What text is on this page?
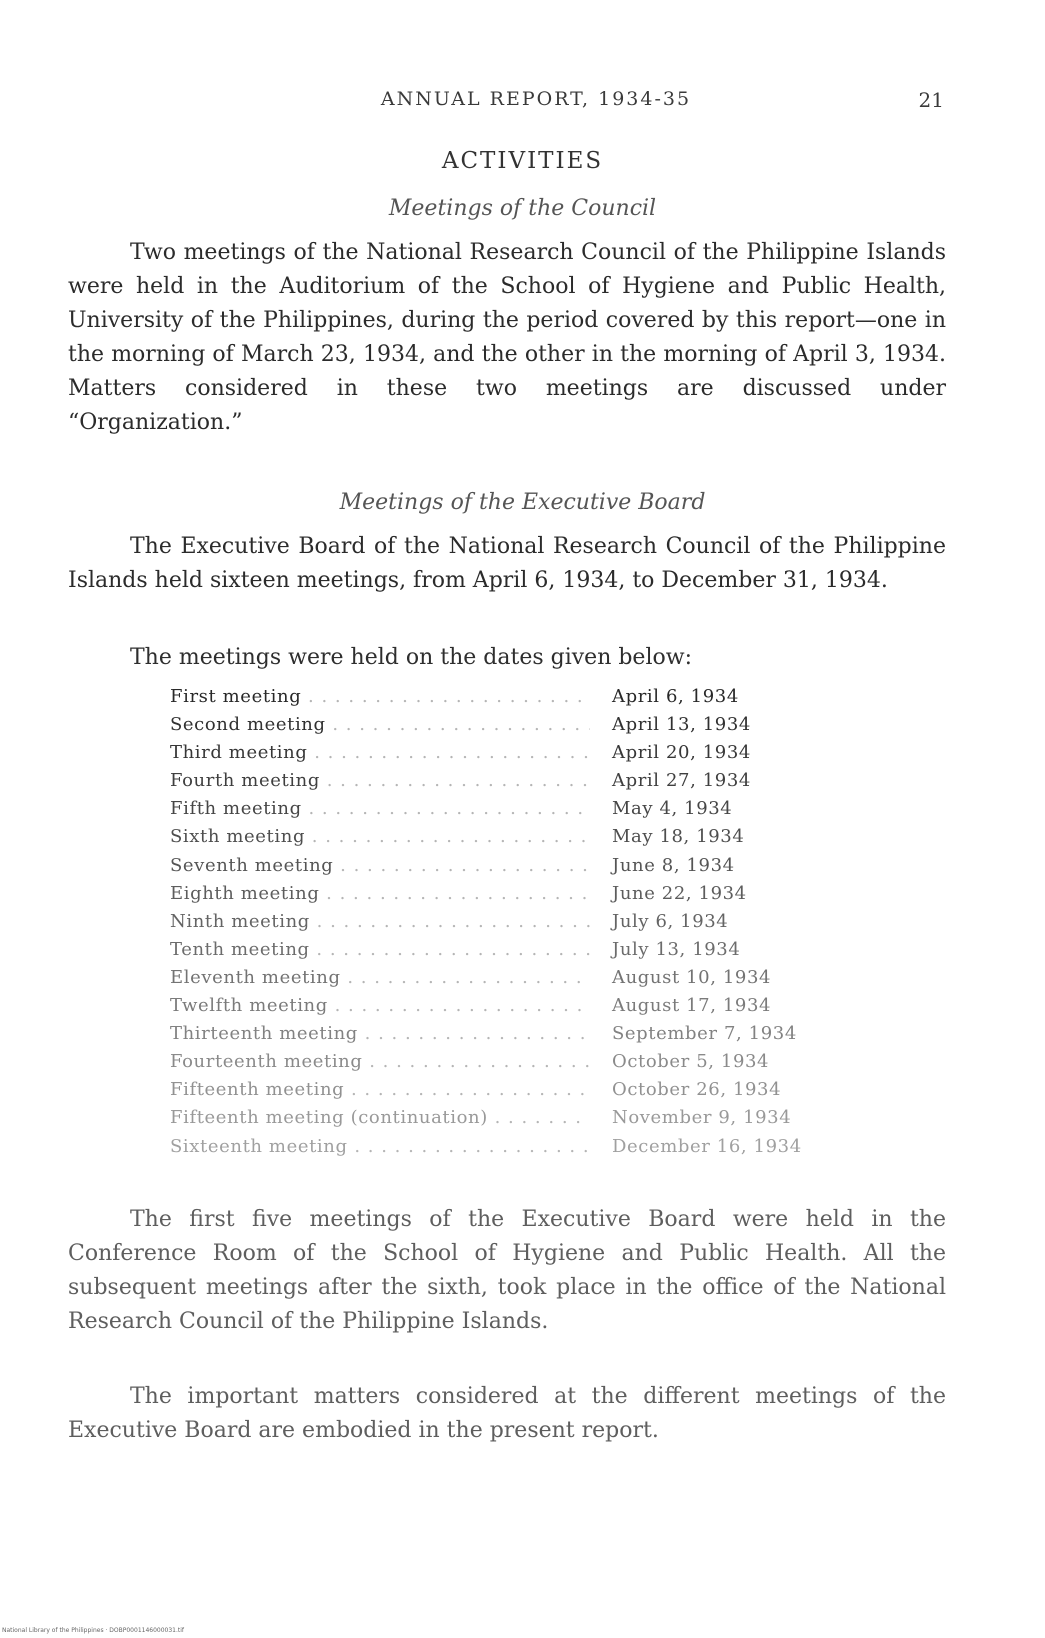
ANNUAL REPORT, 1934-35	21
ACTIVITIES
Meetings of the Council

Two meetings of the National Research Council of the Philippine Islands were held in the Auditorium of the School of Hygiene and Public Health, University of the Philippines, during the period covered by this report—one in the morning of March 23, 1934, and the other in the morning of April 3, 1934. Matters considered in these two meetings are discussed under “Organization.”

Meetings of the Executive Board

The Executive Board of the National Research Council of the Philippine Islands held sixteen meetings, from April 6, 1934, to December 31, 1934.

The meetings were held on the dates given below:
First meeting . . .	April 6, 1934
Second meeting . . .	April 13, 1934
Third meeting . . .	April 20, 1934
Fourth meeting . . .	April 27, 1934
Fifth meeting . . .	May 4, 1934
Sixth meeting . . .	May 18, 1934
Seventh meeting . . .	June 8, 1934
Eighth meeting . . .	June 22, 1934
Ninth meeting . . .	July 6, 1934
Tenth meeting . . .	July 13, 1934
Eleventh meeting . . .	August 10, 1934
Twelfth meeting . . .	August 17, 1934
Thirteenth meeting . . .	September 7, 1934
Fourteenth meeting . . .	October 5, 1934
Fifteenth meeting . . .	October 26, 1934
Fifteenth meeting (continuation) . . .	November 9, 1934
Sixteenth meeting . . .	December 16, 1934

The first five meetings of the Executive Board were held in the Conference Room of the School of Hygiene and Public Health. All the subsequent meetings after the sixth, took place in the office of the National Research Council of the Philippine Islands.

The important matters considered at the different meetings of the Executive Board are embodied in the present report.

National Library of the Philippines · DOBP0001146000031.tif
